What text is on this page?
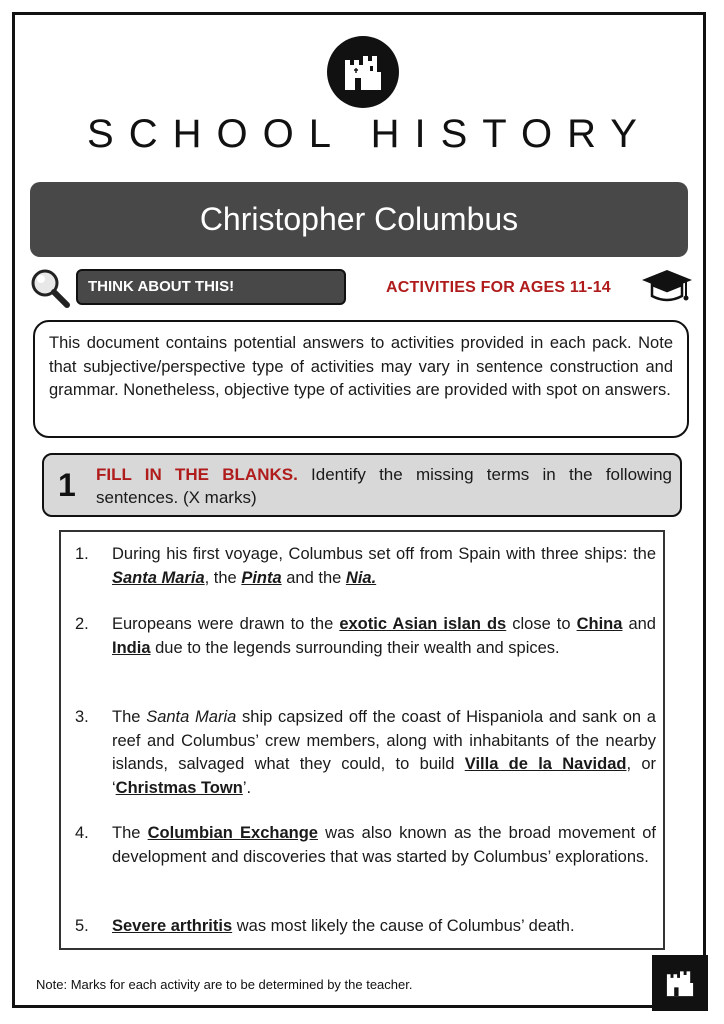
SCHOOL HISTORY
Christopher Columbus
THINK ABOUT THIS!	ACTIVITIES FOR AGES 11-14
This document contains potential answers to activities provided in each pack. Note that subjective/perspective type of activities may vary in sentence construction and grammar. Nonetheless, objective type of activities are provided with spot on answers.
1 FILL IN THE BLANKS. Identify the missing terms in the following sentences. (X marks)
1. During his first voyage, Columbus set off from Spain with three ships: the Santa Maria, the Pinta and the Nia.
2. Europeans were drawn to the exotic Asian islan ds close to China and India due to the legends surrounding their wealth and spices.
3. The Santa Maria ship capsized off the coast of Hispaniola and sank on a reef and Columbus’ crew members, along with inhabitants of the nearby islands, salvaged what they could, to build Villa de la Navidad, or ‘Christmas Town’.
4. The Columbian Exchange was also known as the broad movement of development and discoveries that was started by Columbus’ explorations.
5. Severe arthritis was most likely the cause of Columbus’ death.
Note: Marks for each activity are to be determined by the teacher.
